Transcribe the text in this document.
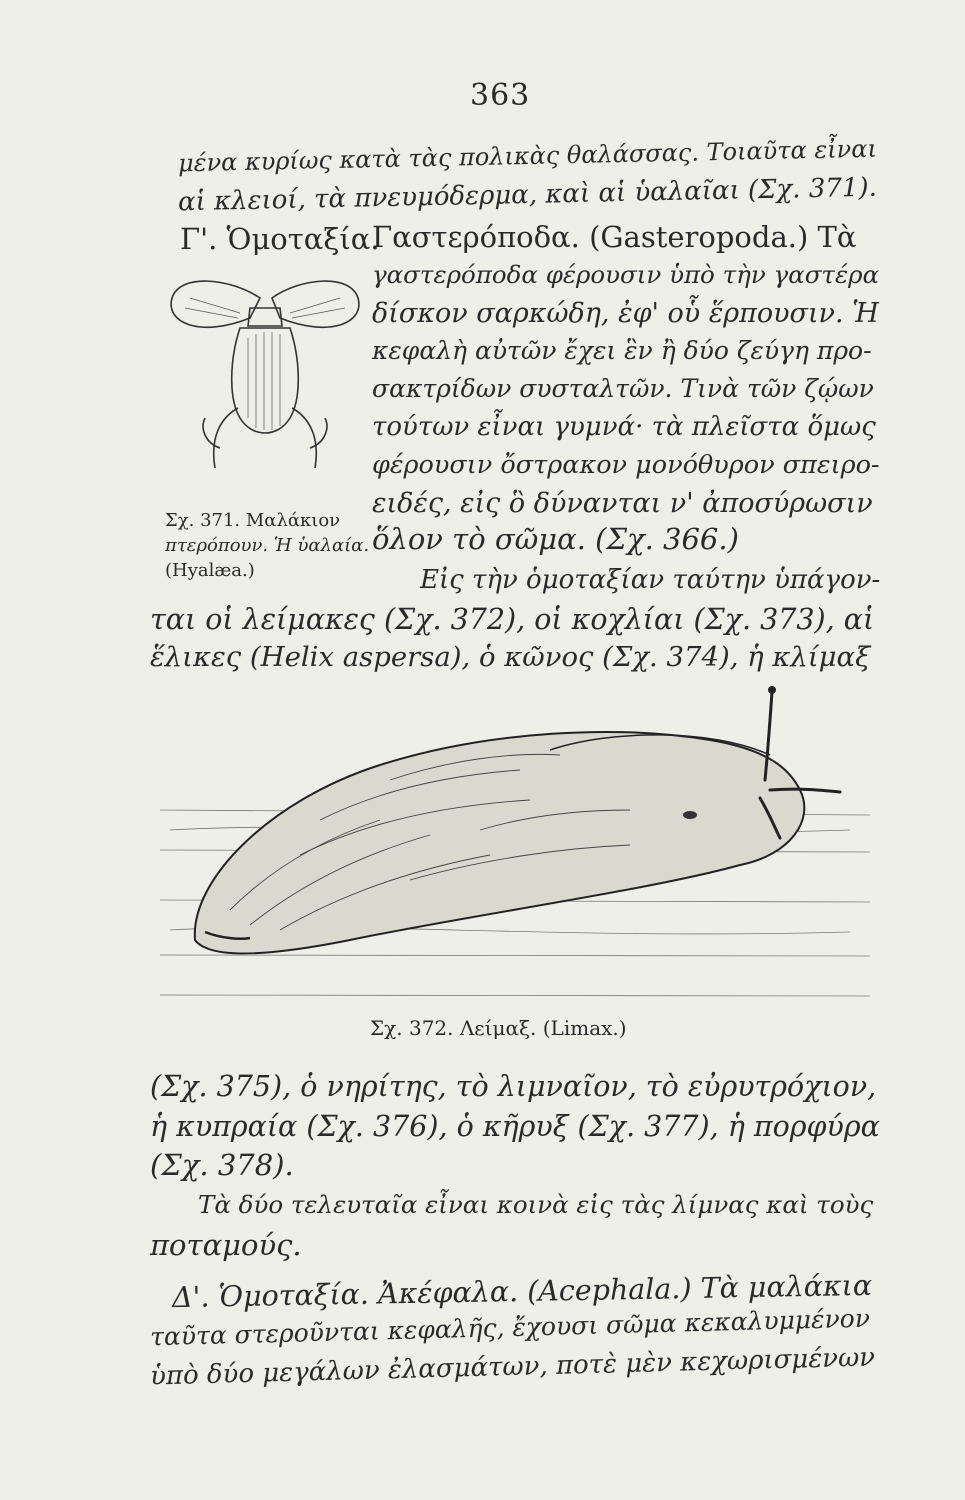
363
μένα κυρίως κατὰ τὰς πολικὰς θαλάσσας. Τοιαῦτα εἶναι
αἱ κλειοί, τὰ πνευμόδερμα, καὶ αἱ ὑαλαῖαι (Σχ. 371).
Γ'. Ὁμοταξία.
Γαστερόποδα. (Gasteropoda.) Τὰ
γαστερόποδα φέρουσιν ὑπὸ τὴν γαστέρα
δίσκον σαρκώδη, ἐφ' οὗ ἕρπουσιν. Ἡ
κεφαλὴ αὐτῶν ἔχει ἓν ἢ δύο ζεύγη προ-
σακτρίδων συσταλτῶν. Τινὰ τῶν ζῴων
τούτων εἶναι γυμνά· τὰ πλεῖστα ὅμως
φέρουσιν ὄστρακον μονόθυρον σπειρο-
ειδές, εἰς ὃ δύνανται ν' ἀποσύρωσιν
ὅλον τὸ σῶμα. (Σχ. 366.)
Εἰς τὴν ὁμοταξίαν ταύτην ὑπάγον-
Σχ. 371. Μαλάκιον
πτερόπουν. Ἡ ὑαλαία.
(Hyalæa.)
ται οἱ λείμακες (Σχ. 372), οἱ κοχλίαι (Σχ. 373), αἱ
ἕλικες (Helix aspersa), ὁ κῶνος (Σχ. 374), ἡ κλίμαξ
Σχ. 372. Λείμαξ. (Limax.)
(Σχ. 375), ὁ νηρίτης, τὸ λιμναῖον, τὸ εὐρυτρόχιον,
ἡ κυπραία (Σχ. 376), ὁ κῆρυξ (Σχ. 377), ἡ πορφύρα
(Σχ. 378).
Τὰ δύο τελευταῖα εἶναι κοινὰ εἰς τὰς λίμνας καὶ τοὺς
ποταμούς.
Δ'. Ὁμοταξία. Ἀκέφαλα. (Acephala.) Τὰ μαλάκια
ταῦτα στεροῦνται κεφαλῆς, ἔχουσι σῶμα κεκαλυμμένον
ὑπὸ δύο μεγάλων ἐλασμάτων, ποτὲ μὲν κεχωρισμένων
